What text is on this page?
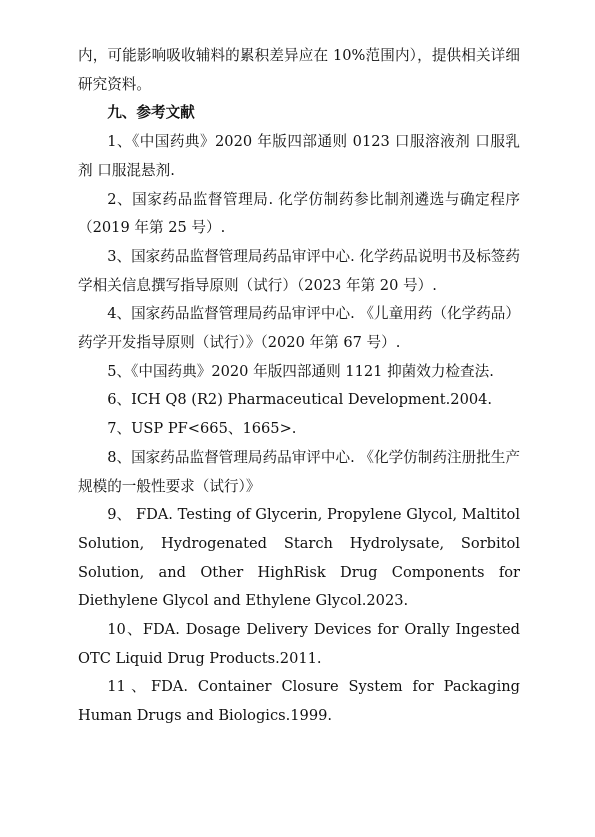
内，可能影响吸收辅料的累积差异应在 10%范围内），提供相关详细研究资料。

九、参考文献

1、《中国药典》2020 年版四部通则 0123 口服溶液剂 口服乳剂 口服混悬剂.

2、国家药品监督管理局. 化学仿制药参比制剂遴选与确定程序（2019 年第 25 号）.

3、国家药品监督管理局药品审评中心. 化学药品说明书及标签药学相关信息撰写指导原则（试行）（2023 年第 20 号）.

4、国家药品监督管理局药品审评中心. 《儿童用药（化学药品）药学开发指导原则（试行）》（2020 年第 67 号）.

5、《中国药典》2020 年版四部通则 1121 抑菌效力检查法.

6、ICH Q8 (R2) Pharmaceutical Development.2004.

7、USP PF<665、1665>.

8、国家药品监督管理局药品审评中心. 《化学仿制药注册批生产规模的一般性要求（试行）》

9、 FDA. Testing of Glycerin, Propylene Glycol, Maltitol Solution, Hydrogenated Starch Hydrolysate, Sorbitol Solution, and Other HighRisk Drug Components for Diethylene Glycol and Ethylene Glycol.2023.

10、FDA. Dosage Delivery Devices for Orally Ingested OTC Liquid Drug Products.2011.

11、FDA. Container Closure System for Packaging Human Drugs and Biologics.1999.
